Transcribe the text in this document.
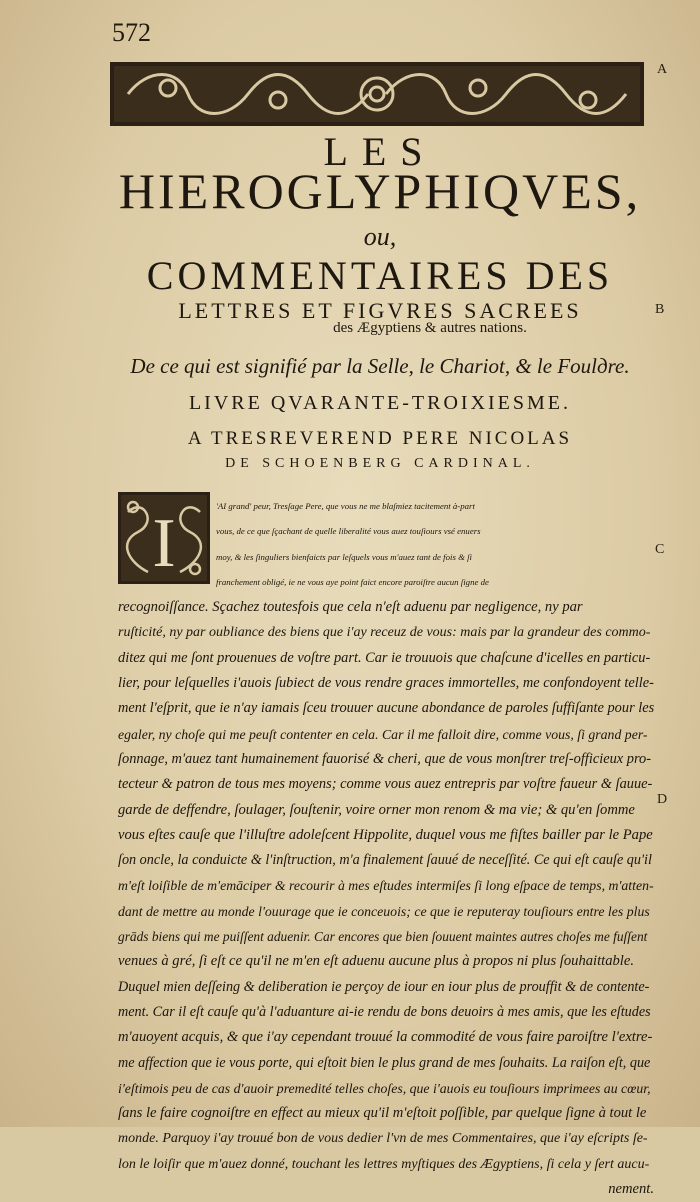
572
A
B
C
D
LES
HIEROGLYPHIQVES,
ou,
COMMENTAIRES DES
LETTRES ET FIGVRES SACREES
des Ægyptiens & autres nations.
De ce qui est signifié par la Selle, le Chariot, & le Foulдre.
LIVRE QVARANTE-TROIXIESME.
A TRESREVEREND PERE NICOLAS
DE SCHOENBERG CARDINAL.
I	'AI grand' peur, Tresſage Pere, que vous ne me blaſmiez tacitement à-part
vous, de ce que ſçachant de quelle liberalité vous auez touſiours vsé enuers
moy, & les ſinguliers bienfaicts par leſquels vous m'auez tant de fois & ſi
franchement obligé, ie ne vous aye point faict encore paroiſtre aucun ſigne de
recognoiſſance. Sçachez toutesfois que cela n'eſt aduenu par negligence, ny par
ruſticité, ny par oubliance des biens que i'ay receuz de vous: mais par la grandeur des commo-
ditez qui me ſont prouenues de voſtre part. Car ie trouuois que chaſcune d'icelles en particu-
lier, pour leſquelles i'auois ſubiect de vous rendre graces immortelles, me confondoyent telle-
ment l'eſprit, que ie n'ay iamais ſceu trouuer aucune abondance de paroles ſuffiſante pour les
egaler, ny choſe qui me peuſt contenter en cela. Car il me falloit dire, comme vous, ſi grand per-
ſonnage, m'auez tant humainement fauorisé & cheri, que de vous monſtrer treſ-officieux pro-
tecteur & patron de tous mes moyens; comme vous auez entrepris par voſtre faueur & ſauue-
garde de deffendre, ſoulager, ſouſtenir, voire orner mon renom & ma vie; & qu'en ſomme
vous eſtes cauſe que l'illuſtre adoleſcent Hippolite, duquel vous me fiſtes bailler par le Pape
ſon oncle, la conduicte & l'inſtruction, m'a finalement ſauué de neceſſité. Ce qui eſt cauſe qu'il
m'eſt loiſible de m'emāciper & recourir à mes eſtudes intermiſes ſi long eſpace de temps, m'atten-
dant de mettre au monde l'ouurage que ie conceuois; ce que ie reputeray touſiours entre les plus
grāds biens qui me puiſſent aduenir. Car encores que bien ſouuent maintes autres choſes me fuſſent
venues à gré, ſi eſt ce qu'il ne m'en eſt aduenu aucune plus à propos ni plus ſouhaittable.
Duquel mien deſſeing & deliberation ie perçoy de iour en iour plus de prouffit & de contente-
ment. Car il eſt cauſe qu'à l'aduanture ai-ie rendu de bons deuoirs à mes amis, que les eſtudes
m'auoyent acquis, & que i'ay cependant trouué la commodité de vous faire paroiſtre l'extre-
me affection que ie vous porte, qui eſtoit bien le plus grand de mes ſouhaits. La raiſon eſt, que
i'eſtimois peu de cas d'auoir premedité telles choſes, que i'auois eu touſiours imprimees au cœur,
ſans le faire cognoiſtre en effect au mieux qu'il m'eſtoit poſſible, par quelque ſigne à tout le
monde. Parquoy i'ay trouué bon de vous dedier l'vn de mes Commentaires, que i'ay eſcripts ſe-
lon le loiſir que m'auez donné, touchant les lettres myſtiques des Ægyptiens, ſi cela y ſert aucu-
nement.
